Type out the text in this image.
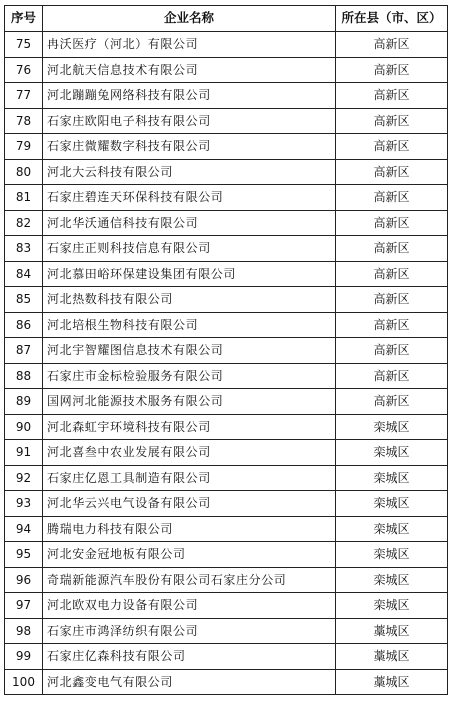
序号	企业名称	所在县（市、区）
75	冉沃医疗（河北）有限公司	高新区
76	河北航天信息技术有限公司	高新区
77	河北蹦蹦兔网络科技有限公司	高新区
78	石家庄欧阳电子科技有限公司	高新区
79	石家庄微耀数字科技有限公司	高新区
80	河北大云科技有限公司	高新区
81	石家庄碧连天环保科技有限公司	高新区
82	河北华沃通信科技有限公司	高新区
83	石家庄正则科技信息有限公司	高新区
84	河北慕田峪环保建设集团有限公司	高新区
85	河北热数科技有限公司	高新区
86	河北培根生物科技有限公司	高新区
87	河北宇智耀图信息技术有限公司	高新区
88	石家庄市金标检验服务有限公司	高新区
89	国网河北能源技术服务有限公司	高新区
90	河北森虹宇环境科技有限公司	栾城区
91	河北喜叁中农业发展有限公司	栾城区
92	石家庄亿恩工具制造有限公司	栾城区
93	河北华云兴电气设备有限公司	栾城区
94	腾瑞电力科技有限公司	栾城区
95	河北安金冠地板有限公司	栾城区
96	奇瑞新能源汽车股份有限公司石家庄分公司	栾城区
97	河北欧双电力设备有限公司	栾城区
98	石家庄市鸿泽纺织有限公司	藁城区
99	石家庄亿森科技有限公司	藁城区
100	河北鑫变电气有限公司	藁城区
